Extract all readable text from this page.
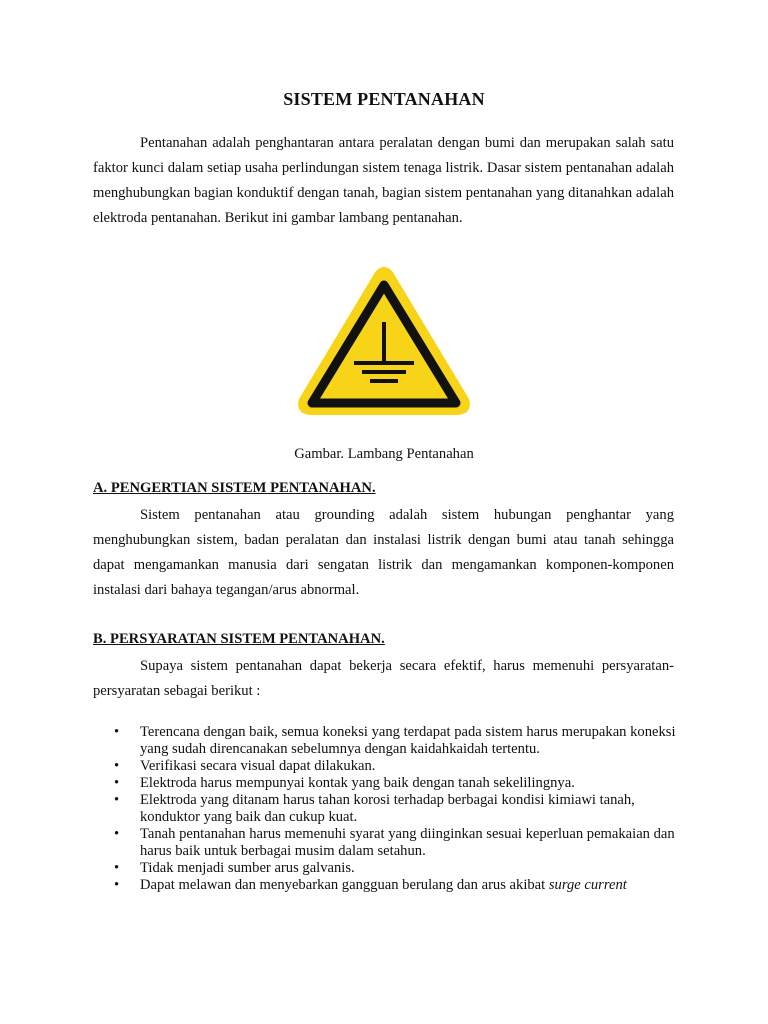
SISTEM PENTANAHAN

Pentanahan adalah penghantaran antara peralatan dengan bumi dan merupakan salah satu faktor kunci dalam setiap usaha perlindungan sistem tenaga listrik. Dasar sistem pentanahan adalah menghubungkan bagian konduktif dengan tanah, bagian sistem pentanahan yang ditanahkan adalah elektroda pentanahan. Berikut ini gambar lambang pentanahan.

Gambar. Lambang Pentanahan
A. PENGERTIAN SISTEM PENTANAHAN.

Sistem pentanahan atau grounding adalah sistem hubungan penghantar yang menghubungkan sistem, badan peralatan dan instalasi listrik dengan bumi atau tanah sehingga dapat mengamankan manusia dari sengatan listrik dan mengamankan komponen-komponen instalasi dari bahaya tegangan/arus abnormal.

B. PERSYARATAN SISTEM PENTANAHAN.

Supaya sistem pentanahan dapat bekerja secara efektif, harus memenuhi persyaratan-persyaratan sebagai berikut :

• Terencana dengan baik, semua koneksi yang terdapat pada sistem harus merupakan koneksi yang sudah direncanakan sebelumnya dengan kaidahkaidah tertentu.
• Verifikasi secara visual dapat dilakukan.
• Elektroda harus mempunyai kontak yang baik dengan tanah sekelilingnya.
• Elektroda yang ditanam harus tahan korosi terhadap berbagai kondisi kimiawi tanah, konduktor yang baik dan cukup kuat.
• Tanah pentanahan harus memenuhi syarat yang diinginkan sesuai keperluan pemakaian dan harus baik untuk berbagai musim dalam setahun.
• Tidak menjadi sumber arus galvanis.
• Dapat melawan dan menyebarkan gangguan berulang dan arus akibat surge current
